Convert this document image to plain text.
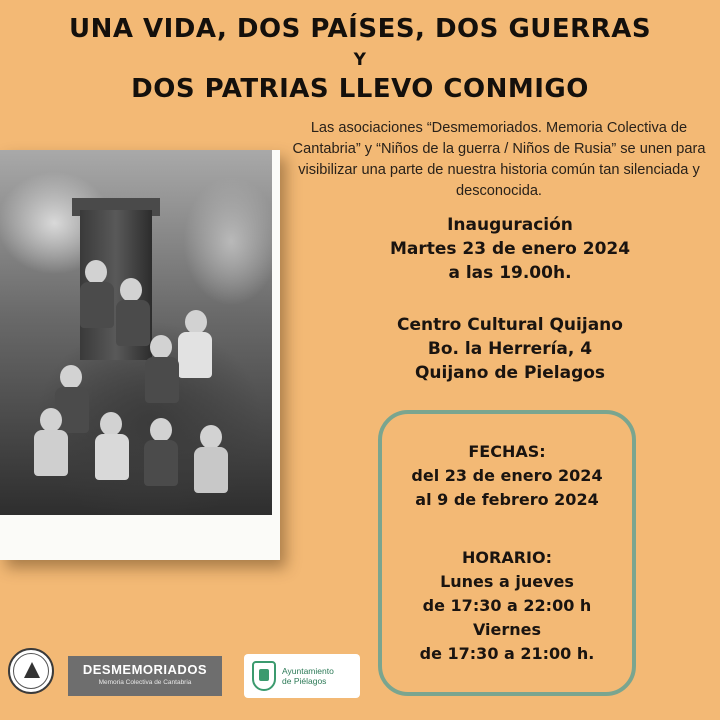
UNA VIDA, DOS PAÍSES, DOS GUERRAS
Y
DOS PATRIAS LLEVO CONMIGO
Las asociaciones “Desmemoriados. Memoria Colectiva de Cantabria” y “Niños de la guerra / Niños de Rusia” se unen para visibilizar una parte de nuestra historia común tan silenciada y desconocida.
Inauguración
Martes 23 de enero 2024
a las 19.00h.
Centro Cultural Quijano
Bo. la Herrería, 4
Quijano de Pielagos
FECHAS:
del 23 de enero 2024
al 9 de febrero 2024
HORARIO:
Lunes a jueves
de 17:30 a 22:00 h
Viernes
de 17:30 a 21:00 h.
DESMEMORIADOS
Memoria Colectiva de Cantabria
Ayuntamiento
de Piélagos
